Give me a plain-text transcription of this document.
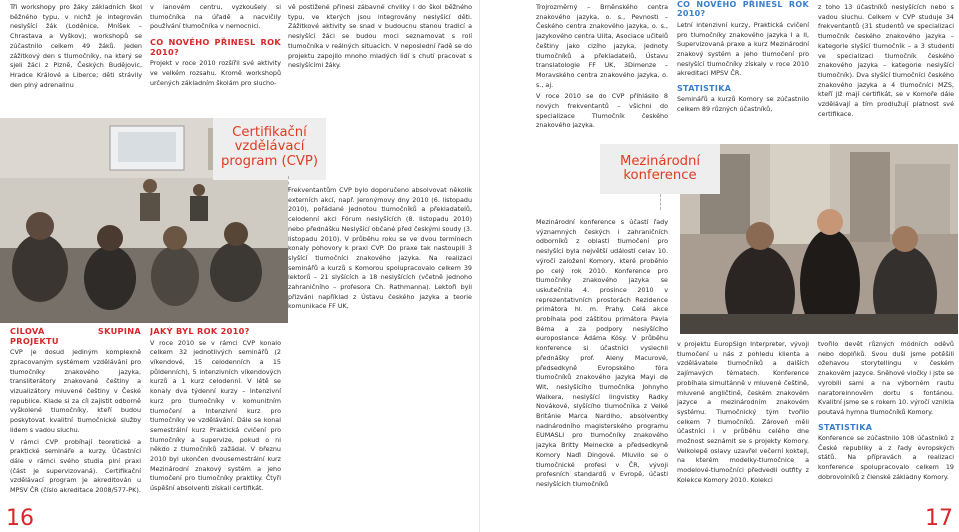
Tři workshopy pro žáky základních škol běžného typu, v nichž je integrován neslyšící žák (Loděnice, Mníšek – Chrastava a Vyškov); workshopů se zúčastnilo celkem 49 žáků. Jeden zážitkový den s tlumočníky, na který se sjeli žáci z Plzně, Českých Budějovic, Hradce Králové a Liberce; děti strávily den plný adrenalinu

v lanovém centru, vyzkoušely si tlumočníka na úřadě a nacvičily používání tlumočníka v nemocnici.

CO NOVÉHO PŘINESL ROK 2010?

Projekt v roce 2010 rozšířil své aktivity ve velkém rozsahu. Kromě workshopů určených základním školám pro slucho-

vě postižené přinesl zábavné chvilky i do škol běžného typu, ve kterých jsou integrovány neslyšící děti. Zážitkové aktivity se snad v budoucnu stanou tradicí a neslyšící žáci se budou moci seznamovat s rolí tlumočníka v reálných situacích. V neposlední řadě se do projektu zapojilo mnoho mladých lidí s chutí pracovat s neslyšícími žáky.

Certifikační vzdělávací program (CVP)

Frekventantům CVP bylo doporučeno absolvovat několik externích akcí, např. Jeronýmovy dny 2010 (6. listopadu 2010), pořádané Jednotou tlumočníků a překladatelů, celodenní akci Fórum neslyšících (8. listopadu 2010) nebo přednášku Neslyšící občané před českými soudy (3. listopadu 2010). V průběhu roku se ve dvou termínech konaly pohovory k praxi CVP. Do praxe tak nastoupili 3 slyšící tlumočníci znakového jazyka. Na realizaci seminářů a kurzů s Komorou spolupracovalo celkem 39 lektorů – 21 slyšících a 18 neslyšících (včetně jednoho zahraničního – profesora Ch. Rathmanna). Lektoři byli přizváni například z Ústavu českého jazyka a teorie komunikace FF UK,

CÍLOVÁ SKUPINA PROJEKTU

CVP je dosud jediným komplexně zpracovaným systémem vzdělávání pro tlumočníky znakového jazyka, transliterátory znakované češtiny a vizualizátory mluvené češtiny v České republice. Klade si za cíl zajistit odborně vyškolené tlumočníky, kteří budou poskytovat kvalitní tlumočnické služby lidem s vadou sluchu.

V rámci CVP probíhají teoretické a praktické semináře a kurzy. Účastníci dále v rámci svého studia plní praxi (část je supervizovaná). Certifikační vzdělávací program je akreditován u MPSV ČR (číslo akreditace 2008/577-PK).

JAKÝ BYL ROK 2010?

V roce 2010 se v rámci CVP konalo celkem 32 jednotlivých seminářů (2 víkendové, 15 celodenních a 15 půldenních), 5 intenzivních víkendových kurzů a 1 kurz celodenní. V létě se konaly dva týdenní kurzy – Intenzivní kurz pro tlumočníky v komunitním tlumočení a Intenzivní kurz pro tlumočníky ve vzdělávání. Dále se konal semestrální kurz Praktická cvičení pro tlumočníky a supervize, pokud o ni někdo z tlumočníků zažádal. V březnu 2010 byl ukončen dvousemestrální kurz Mezinárodní znakový systém a jeho tlumočení pro tlumočníky praktiky. Čtyři úspěšní absolventi získali certifikát.

16

Trojrozměrný – Brněnského centra znakového jazyka, o. s., Pevnosti – Českého centra znakového jazyka, o. s., Jazykového centra Ulita, Asociace učitelů češtiny jako cizího jazyka, jednoty tlumočníků a překladatelů, Ústavu translatologie FF UK, 3Dimenze – Moravského centra znakového jazyka, o. s., aj.

V roce 2010 se do CVP přihlásilo 8 nových frekventantů – všichni do specializace Tlumočník českého znakového jazyka.

CO NOVÉHO PŘINESL ROK 2010?

Letní intenzivní kurzy, Praktická cvičení pro tlumočníky znakového jazyka I a II, Supervizovaná praxe a kurz Mezinárodní znakový systém a jeho tlumočení pro neslyšící tlumočníky získaly v roce 2010 akreditaci MPSV ČR.

STATISTIKA

Seminářů a kurzů Komory se zúčastnilo celkem 89 různých účastníků,

z toho 13 účastníků neslyšících nebo s vadou sluchu. Celkem v CVP studuje 34 frekventantů (31 studentů ve specializaci tlumočník českého znakového jazyka – kategorie slyšící tlumočník – a 3 studenti ve specializaci tlumočník českého znakového jazyka – kategorie neslyšící tlumočník). Dva slyšící tlumočníci českého znakového jazyka a 4 tlumočníci MZS, kteří již mají certifikát, se v Komoře dále vzdělávají a tím prodlužují platnost své certifikace.

Mezinárodní konference

Mezinárodní konference s účastí řady významných českých i zahraničních odborníků z oblasti tlumočení pro neslyšící byla největší událostí celav 10. výročí založení Komory, které proběhlo po celý rok 2010. Konference pro tlumočníky znakového jazyka se uskutečnila 4. prosince 2010 v reprezentativních prostorách Rezidence primátora hl. m. Prahy. Celá akce probíhala pod záštitou primátora Pavla Béma a za podpory neslyšícího europoslance Ádáma Kósy. V průběhu konference si účastníci vyslechli přednášky prof. Aleny Macurové, předsedkyně Evropského fóra tlumočníků znakového jazyka Mayi de Wit, neslyšícího tlumočníka Johnyho Walkera, neslyšící lingvistky Radky Novákové, slyšícího tlumočníka z Velké Británie Marca Nardiho, absolventky nadnárodního magisterského programu EUMASLI pro tlumočníky znakového jazyka Britty Meinecke a předsedkyně Komory Naďi Dingové. Mluvilo se o tlumočnické profesi v ČR, vývoji profesních standardů v Evropě, účasti neslyšících tlumočníků

v projektu EuropSign Interpreter, vývoji tlumočení u nás z pohledu klienta a vzdělávatele tlumočníků a dalších zajímavých tématech. Konference probíhala simultánně v mluvené češtině, mluvené angličtině, českém znakovém jazyce a mezinárodním znakovém systému. Tlumočnický tým tvořilo celkem 7 tlumočníků. Zároveň měli účastníci i v průběhu celého dne možnost seznámit se s projekty Komory. Velkolepě oslavy uzavřel večerní koktejl, na kterém modelky-tlumočnice a modelové-tlumočníci předvedli outfity z Kolekce Komory 2010. Kolekci

tvořilo devět různých módních oděvů nebo doplňků. Svou duši jsme potěšili ožehavou storytellingu v českém znakovém jazyce. Sněhové vločky i jste se vyrobili sami a na výborném rautu naratoreinnověm dortu s fontánou. Kvalitní jsme se s rokem 10. výročí vznikla poutavá hymna tlumočníků Komory.

STATISTIKA

Konference se zúčastnilo 108 účastníků z České republiky a z řady evropských států. Na přípravách a realizaci konference spolupracovalo celkem 19 dobrovolníků z členské základny Komory.

17
